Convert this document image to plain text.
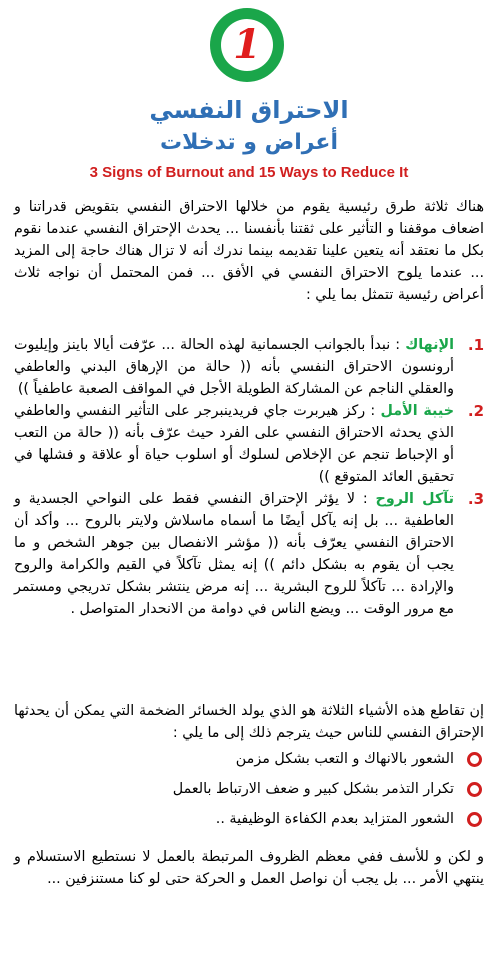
1
الاحتراق النفسي
أعراض و تدخلات
3 Signs of Burnout and 15 Ways to Reduce It
هناك ثلاثة طرق رئيسية يقوم من خلالها الاحتراق النفسي بتقويض قدراتنا و اضعاف موقفنا و التأثير على ثقتنا بأنفسنا ... يحدث الإحتراق النفسي عندما نقوم بكل ما نعتقد أنه يتعين علينا تقديمه بينما ندرك أنه لا تزال هناك حاجة إلى المزيد ... عندما يلوح الاحتراق النفسي في الأفق ... فمن المحتمل أن نواجه ثلاث أعراض رئيسية تتمثل بما يلي :
1.
الإنهاك : نبدأ بالجوانب الجسمانية لهذه الحالة ... عرّفت أيالا باينز وإيليوت أرونسون الاحتراق النفسي بأنه (( حالة من الإرهاق البدني والعاطفي والعقلي الناجم عن المشاركة الطويلة الأجل في المواقف الصعبة عاطفياً ))
2.
خيبة الأمل : ركز هيربرت جاي فريدينبرجر على التأثير النفسي والعاطفي الذي يحدثه الاحتراق النفسي على الفرد حيث عرّف بأنه (( حالة من التعب أو الإحباط تنجم عن الإخلاص لسلوك أو اسلوب حياة أو علاقة و فشلها في تحقيق العائد المتوقع ))
3.
تآكل الروح : لا يؤثر الإحتراق النفسي فقط على النواحي الجسدية و العاطفية ... بل إنه يآكل أيضًا ما أسماه ماسلاش ولايتر بالروح ... وأكد أن الاحتراق النفسي يعرّف بأنه (( مؤشر الانفصال بين جوهر الشخص و ما يجب أن يقوم به بشكل دائم )) إنه يمثل تآكلاً في القيم والكرامة والروح والإرادة ... تآكلاً للروح البشرية ... إنه مرض ينتشر بشكل تدريجي ومستمر مع مرور الوقت ... ويضع الناس في دوامة من الانحدار المتواصل .
إن تقاطع هذه الأشياء الثلاثة هو الذي يولد الخسائر الضخمة التي يمكن أن يحدثها الإحتراق النفسي للناس حيث يترجم ذلك إلى ما يلي :
الشعور بالانهاك و التعب بشكل مزمن
تكرار التذمر بشكل كبير و ضعف الارتباط بالعمل
الشعور المتزايد بعدم الكفاءة الوظيفية ..
و لكن و للأسف ففي معظم الظروف المرتبطة بالعمل لا نستطيع الاستسلام و ينتهي الأمر ... بل يجب أن نواصل العمل و الحركة حتى لو كنا مستنزفين ...
